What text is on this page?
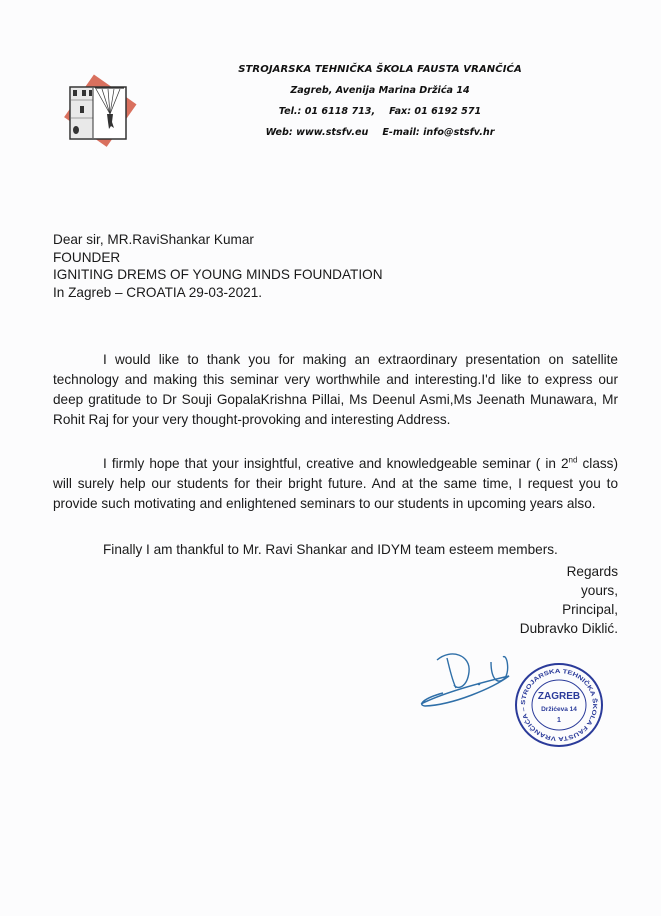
STROJARSKA TEHNIČKA ŠKOLA FAUSTA VRANČIĆA
Zagreb, Avenija Marina Držića 14
Tel.: 01 6118 713, Fax: 01 6192 571
Web: www.stsfv.eu E-mail: info@stsfv.hr
Dear sir, MR.RaviShankar Kumar
FOUNDER
IGNITING DREMS OF YOUNG MINDS FOUNDATION
In Zagreb – CROATIA 29-03-2021.
I would like to thank you for making an extraordinary presentation on satellite technology and making this seminar very worthwhile and interesting.I'd like to express our deep gratitude to Dr Souji GopalaKrishna Pillai, Ms Deenul Asmi,Ms Jeenath Munawara, Mr Rohit Raj for your very thought-provoking and interesting Address.
I firmly hope that your insightful, creative and knowledgeable seminar ( in 2nd class) will surely help our students for their bright future. And at the same time, I request you to provide such motivating and enlightened seminars to our students in upcoming years also.
Finally I am thankful to Mr. Ravi Shankar and IDYM team esteem members.
Regards
yours,
Principal,
Dubravko Diklić.
STROJARSKA TEHNIČKA ŠKOLA FAUSTA VRANČIĆA –
ZAGREB
Držićeva 14
1
